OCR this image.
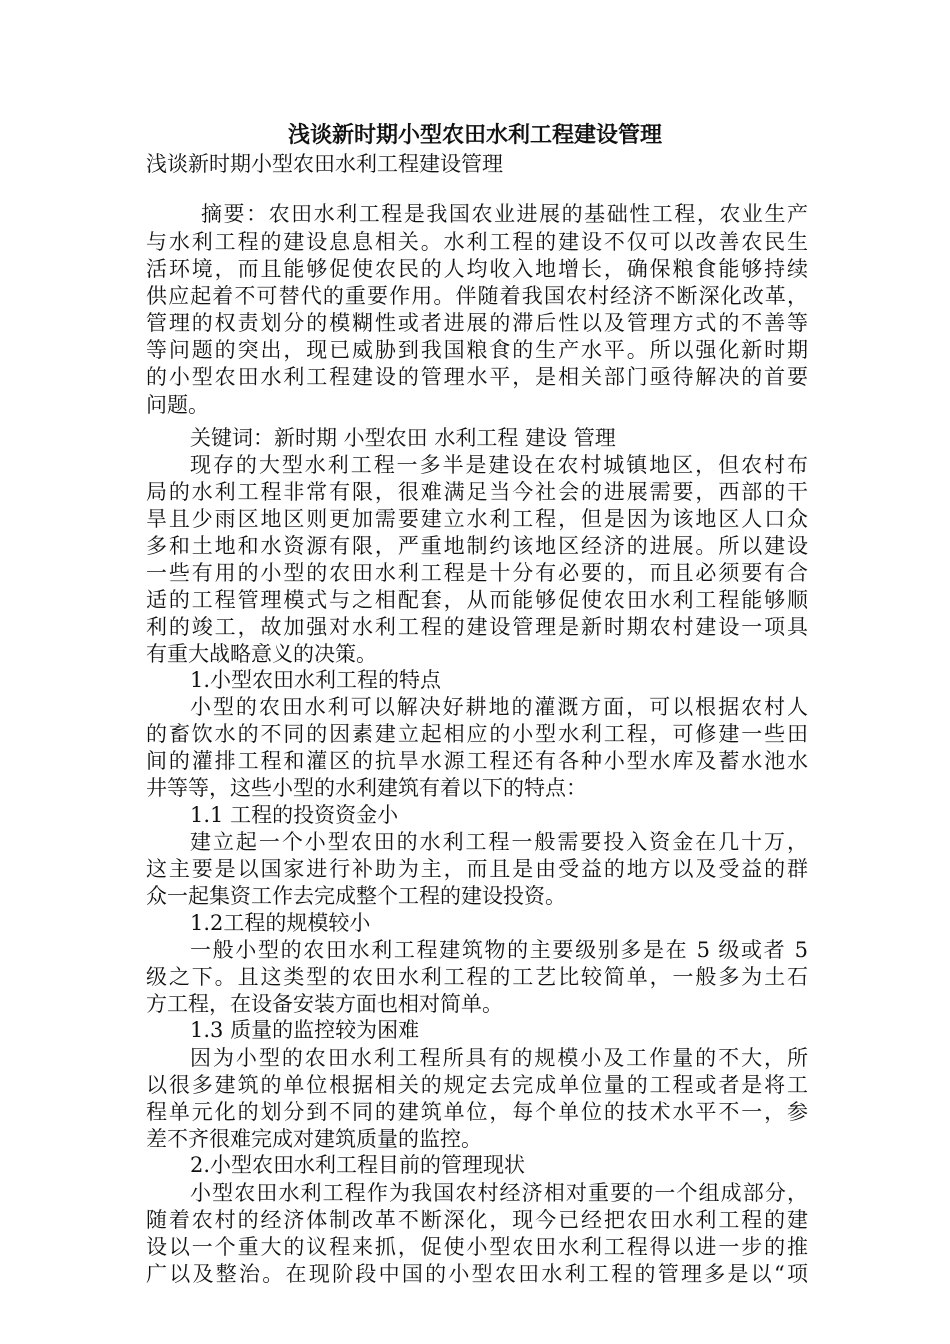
浅谈新时期小型农田水利工程建设管理

浅谈新时期小型农田水利工程建设管理

摘要：农田水利工程是我国农业进展的基础性工程，农业生产

与水利工程的建设息息相关。水利工程的建设不仅可以改善农民生

活环境，而且能够促使农民的人均收入地增长，确保粮食能够持续

供应起着不可替代的重要作用。伴随着我国农村经济不断深化改革，

管理的权责划分的模糊性或者进展的滞后性以及管理方式的不善等

等问题的突出，现已威胁到我国粮食的生产水平。所以强化新时期

的小型农田水利工程建设的管理水平，是相关部门亟待解决的首要

问题。

关键词：新时期 小型农田 水利工程 建设 管理

现存的大型水利工程一多半是建设在农村城镇地区，但农村布

局的水利工程非常有限，很难满足当今社会的进展需要，西部的干

旱且少雨区地区则更加需要建立水利工程，但是因为该地区人口众

多和土地和水资源有限，严重地制约该地区经济的进展。所以建设

一些有用的小型的农田水利工程是十分有必要的，而且必须要有合

适的工程管理模式与之相配套，从而能够促使农田水利工程能够顺

利的竣工，故加强对水利工程的建设管理是新时期农村建设一项具

有重大战略意义的决策。

1.小型农田水利工程的特点

小型的农田水利可以解决好耕地的灌溉方面，可以根据农村人

的畜饮水的不同的因素建立起相应的小型水利工程，可修建一些田

间的灌排工程和灌区的抗旱水源工程还有各种小型水库及蓄水池水

井等等，这些小型的水利建筑有着以下的特点：

1.1 工程的投资资金小

建立起一个小型农田的水利工程一般需要投入资金在几十万，

这主要是以国家进行补助为主，而且是由受益的地方以及受益的群

众一起集资工作去完成整个工程的建设投资。

1.2工程的规模较小

一般小型的农田水利工程建筑物的主要级别多是在 5 级或者 5

级之下。且这类型的农田水利工程的工艺比较简单，一般多为土石

方工程，在设备安装方面也相对简单。

1.3 质量的监控较为困难

因为小型的农田水利工程所具有的规模小及工作量的不大，所

以很多建筑的单位根据相关的规定去完成单位量的工程或者是将工

程单元化的划分到不同的建筑单位，每个单位的技术水平不一，参

差不齐很难完成对建筑质量的监控。

2.小型农田水利工程目前的管理现状

小型农田水利工程作为我国农村经济相对重要的一个组成部分，

随着农村的经济体制改革不断深化，现今已经把农田水利工程的建

设以一个重大的议程来抓，促使小型农田水利工程得以进一步的推

广以及整治。在现阶段中国的小型农田水利工程的管理多是以“项
